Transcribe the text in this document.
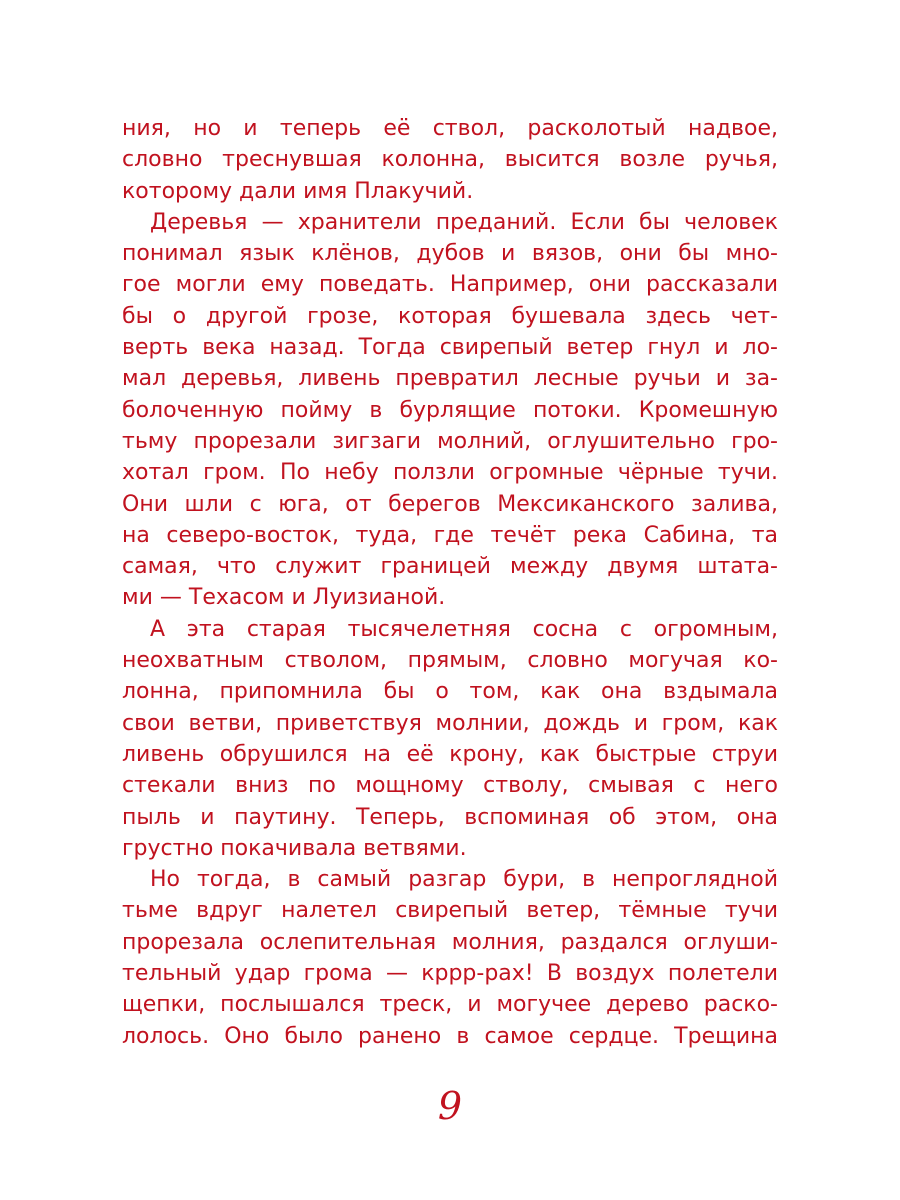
ния, но и теперь её ствол, расколотый надвое,
словно треснувшая колонна, высится возле ручья,
которому дали имя Плакучий.
Деревья — хранители преданий. Если бы человек
понимал язык клёнов, дубов и вязов, они бы мно-
гое могли ему поведать. Например, они рассказали
бы о другой грозе, которая бушевала здесь чет-
верть века назад. Тогда свирепый ветер гнул и ло-
мал деревья, ливень превратил лесные ручьи и за-
болоченную пойму в бурлящие потоки. Кромешную
тьму прорезали зигзаги молний, оглушительно гро-
хотал гром. По небу ползли огромные чёрные тучи.
Они шли с юга, от берегов Мексиканского залива,
на северо-восток, туда, где течёт река Сабина, та
самая, что служит границей между двумя штата-
ми — Техасом и Луизианой.
А эта старая тысячелетняя сосна с огромным,
неохватным стволом, прямым, словно могучая ко-
лонна, припомнила бы о том, как она вздымала
свои ветви, приветствуя молнии, дождь и гром, как
ливень обрушился на её крону, как быстрые струи
стекали вниз по мощному стволу, смывая с него
пыль и паутину. Теперь, вспоминая об этом, она
грустно покачивала ветвями.
Но тогда, в самый разгар бури, в непроглядной
тьме вдруг налетел свирепый ветер, тёмные тучи
прорезала ослепительная молния, раздался оглуши-
тельный удар грома — кррр-рах! В воздух полетели
щепки, послышался треск, и могучее дерево раско-
лолось. Оно было ранено в самое сердце. Трещина
9
